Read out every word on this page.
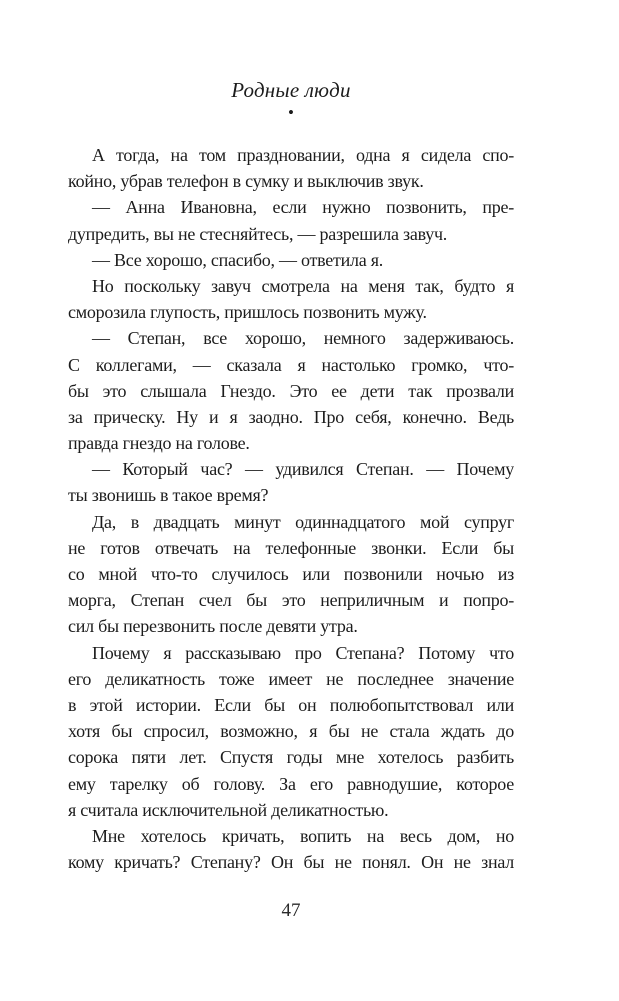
Родные люди
•
А тогда, на том праздновании, одна я сидела спо-
койно, убрав телефон в сумку и выключив звук.
— Анна Ивановна, если нужно позвонить, пре-
дупредить, вы не стесняйтесь, — разрешила завуч.
— Все хорошо, спасибо, — ответила я.
Но поскольку завуч смотрела на меня так, будто я
сморозила глупость, пришлось позвонить мужу.
— Степан, все хорошо, немного задерживаюсь.
С коллегами, — сказала я настолько громко, что-
бы это слышала Гнездо. Это ее дети так прозвали
за прическу. Ну и я заодно. Про себя, конечно. Ведь
правда гнездо на голове.
— Который час? — удивился Степан. — Почему
ты звонишь в такое время?
Да, в двадцать минут одиннадцатого мой супруг
не готов отвечать на телефонные звонки. Если бы
со мной что-то случилось или позвонили ночью из
морга, Степан счел бы это неприличным и попро-
сил бы перезвонить после девяти утра.
Почему я рассказываю про Степана? Потому что
его деликатность тоже имеет не последнее значение
в этой истории. Если бы он полюбопытствовал или
хотя бы спросил, возможно, я бы не стала ждать до
сорока пяти лет. Спустя годы мне хотелось разбить
ему тарелку об голову. За его равнодушие, которое
я считала исключительной деликатностью.
Мне хотелось кричать, вопить на весь дом, но
кому кричать? Степану? Он бы не понял. Он не знал
47
